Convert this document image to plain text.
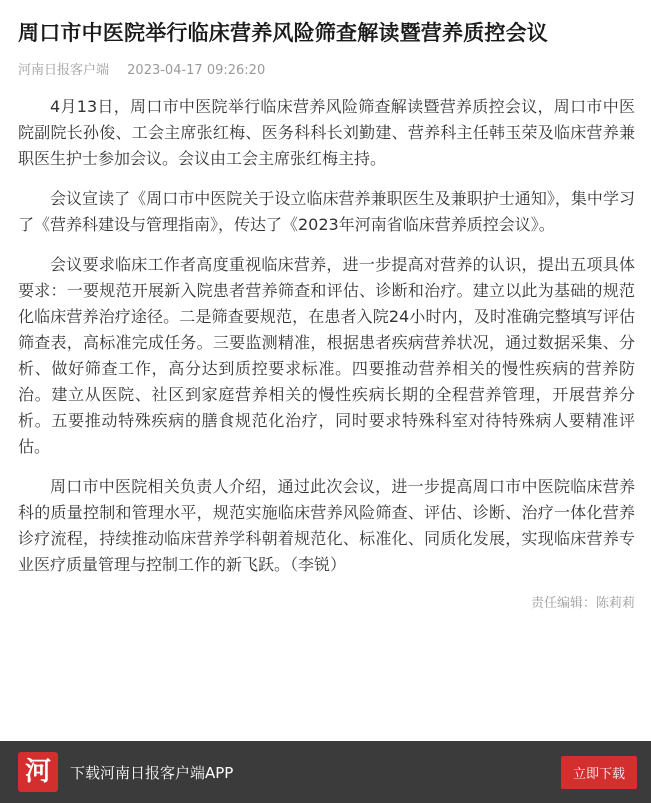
周口市中医院举行临床营养风险筛查解读暨营养质控会议
河南日报客户端 2023-04-17 09:26:20

4月13日，周口市中医院举行临床营养风险筛查解读暨营养质控会议，周口市中医院副院长孙俊、工会主席张红梅、医务科科长刘勤建、营养科主任韩玉荣及临床营养兼职医生护士参加会议。会议由工会主席张红梅主持。

会议宣读了《周口市中医院关于设立临床营养兼职医生及兼职护士通知》，集中学习了《营养科建设与管理指南》，传达了《2023年河南省临床营养质控会议》。

会议要求临床工作者高度重视临床营养，进一步提高对营养的认识，提出五项具体要求：一要规范开展新入院患者营养筛查和评估、诊断和治疗。建立以此为基础的规范化临床营养治疗途径。二是筛查要规范，在患者入院24小时内，及时准确完整填写评估筛查表，高标准完成任务。三要监测精准，根据患者疾病营养状况，通过数据采集、分析、做好筛查工作，高分达到质控要求标准。四要推动营养相关的慢性疾病的营养防治。建立从医院、社区到家庭营养相关的慢性疾病长期的全程营养管理，开展营养分析。五要推动特殊疾病的膳食规范化治疗，同时要求特殊科室对待特殊病人要精准评估。

周口市中医院相关负责人介绍，通过此次会议，进一步提高周口市中医院临床营养科的质量控制和管理水平，规范实施临床营养风险筛查、评估、诊断、治疗一体化营养诊疗流程，持续推动临床营养学科朝着规范化、标准化、同质化发展，实现临床营养专业医疗质量管理与控制工作的新飞跃。（李锐）

责任编辑：陈莉莉
河	下载河南日报客户端APP	立即下载
